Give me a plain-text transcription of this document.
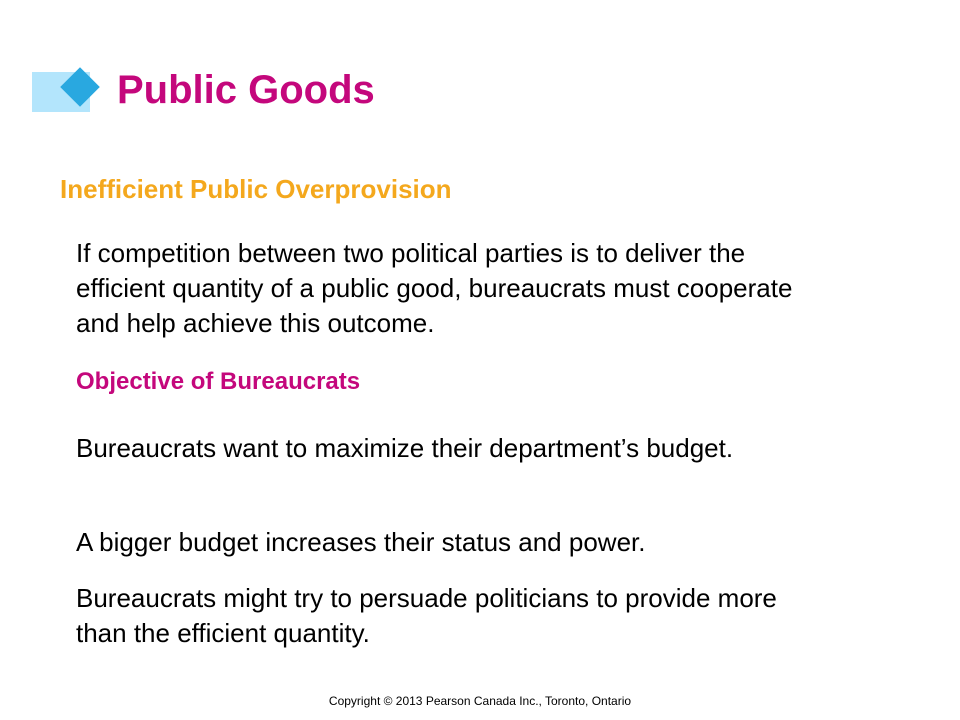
Public Goods
Inefficient Public Overprovision

If competition between two political parties is to deliver the efficient quantity of a public good, bureaucrats must cooperate and help achieve this outcome.

Objective of Bureaucrats

Bureaucrats want to maximize their department’s budget.

A bigger budget increases their status and power.

Bureaucrats might try to persuade politicians to provide more than the efficient quantity.

Copyright © 2013 Pearson Canada Inc., Toronto, Ontario
